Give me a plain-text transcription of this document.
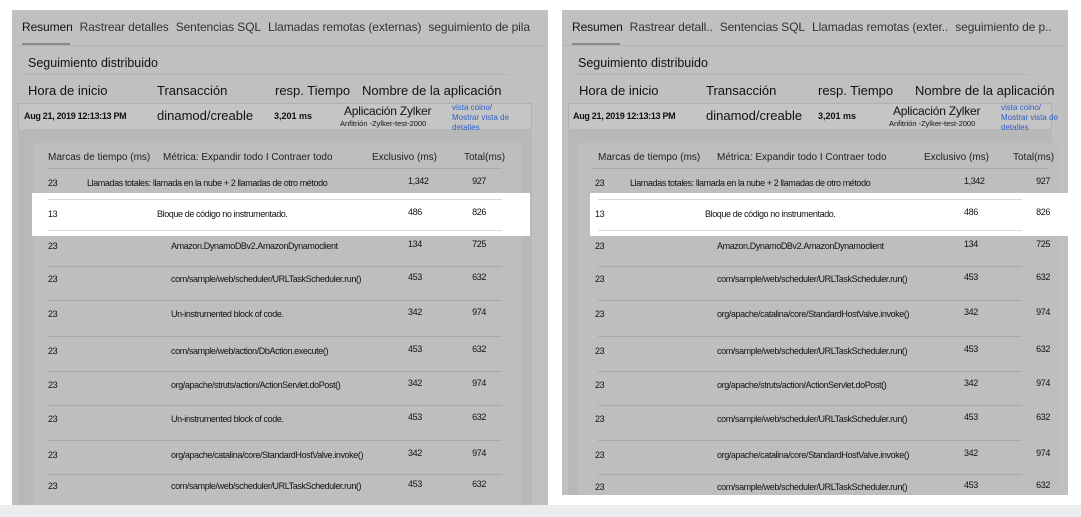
Resumen Rastrear detalles Sentencias SQL Llamadas remotas (externas) seguimiento de pila
Seguimiento distribuido
Hora de inicio	Transacción	resp. Tiempo Nombre de la aplicación
Aug 21, 2019 12:13:13 PM dinamod/creable 3,201 ms	Aplicación Zylker
Anfitrión -Zylker-test-2000
vista coino/ Mostrar vista de detalles
Marcas de tiempo (ms) Métrica: Expandir todo I Contraer todo	Exclusivo (ms)	Total(ms)
23	Llamadas totales: llamada en la nube + 2 llamadas de otro método	1,342	927
13	Bloque de código no instrumentado.	486	826
23	Amazon.DynamoDBv2.AmazonDynamoclient	134	725
23	com/sample/web/scheduler/URLTaskScheduler.run()	453	632
23	Un-instrumented block of code.	342	974
23	com/sample/web/action/DbAction.execute()	453	632
23	org/apache/struts/action/ActionServlet.doPost()	342	974
23	Un-instrumented block of code.	453	632
23	org/apache/catalina/core/StandardHostValve.invoke()	342	974
23	com/sample/web/scheduler/URLTaskScheduler.run()	453	632
Resumen Rastrear detall.. Sentencias SQL Llamadas remotas (exter.. seguimiento de p..
Seguimiento distribuido
Hora de inicio	Transacción	resp. Tiempo Nombre de la aplicación
Aug 21, 2019 12:13:13 PM dinamod/creable 3,201 ms	Aplicación Zylker
Anfitrión -Zylker-test-2000
vista coino/ Mostrar vista de detalles
Marcas de tiempo (ms) Métrica: Expandir todo I Contraer todo	Exclusivo (ms) Total(ms)
23	Llamadas totales: llamada en la nube + 2 llamadas de otro método	1,342	927
13	Bloque de código no instrumentado.	486	826
23	Amazon.DynamoDBv2.AmazonDynamoclient	134	725
23	com/sample/web/scheduler/URLTaskScheduler.run()	453	632
23	org/apache/catalina/core/StandardHostValve.invoke()	342	974
23	com/sample/web/scheduler/URLTaskScheduler.run()	453	632
23	org/apache/struts/action/ActionServlet.doPost()	342	974
23	com/sample/web/scheduler/URLTaskScheduler.run()	453	632
23	org/apache/catalina/core/StandardHostValve.invoke()	342	974
23	com/sample/web/scheduler/URLTaskScheduler.run()	453	632
